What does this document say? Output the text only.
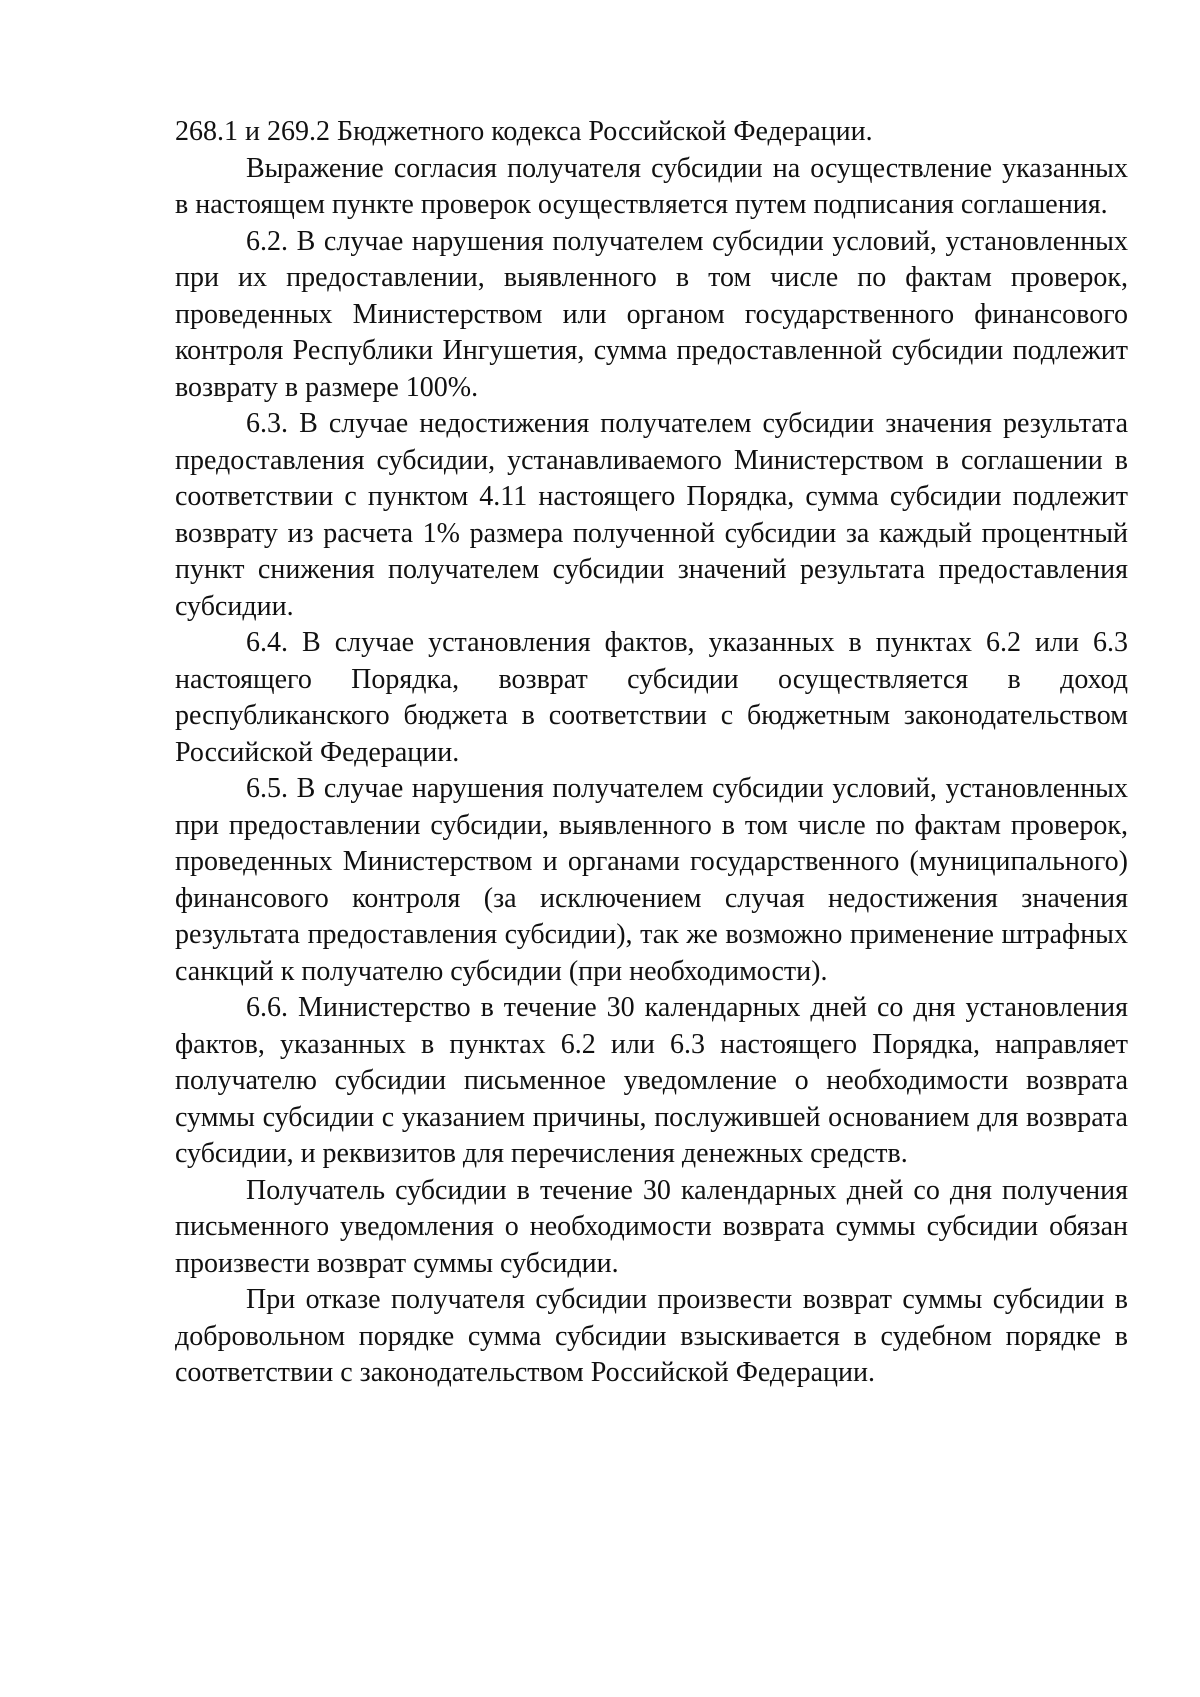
268.1 и 269.2 Бюджетного кодекса Российской Федерации.

Выражение согласия получателя субсидии на осуществление указанных в настоящем пункте проверок осуществляется путем подписания соглашения.

6.2. В случае нарушения получателем субсидии условий, установленных при их предоставлении, выявленного в том числе по фактам проверок, проведенных Министерством или органом государственного финансового контроля Республики Ингушетия, сумма предоставленной субсидии подлежит возврату в размере 100%.

6.3. В случае недостижения получателем субсидии значения результата предоставления субсидии, устанавливаемого Министерством в соглашении в соответствии с пунктом 4.11 настоящего Порядка, сумма субсидии подлежит возврату из расчета 1% размера полученной субсидии за каждый процентный пункт снижения получателем субсидии значений результата предоставления субсидии.

6.4. В случае установления фактов, указанных в пунктах 6.2 или 6.3 настоящего Порядка, возврат субсидии осуществляется в доход республиканского бюджета в соответствии с бюджетным законодательством Российской Федерации.

6.5. В случае нарушения получателем субсидии условий, установленных при предоставлении субсидии, выявленного в том числе по фактам проверок, проведенных Министерством и органами государственного (муниципального) финансового контроля (за исключением случая недостижения значения результата предоставления субсидии), так же возможно применение штрафных санкций к получателю субсидии (при необходимости).

6.6. Министерство в течение 30 календарных дней со дня установления фактов, указанных в пунктах 6.2 или 6.3 настоящего Порядка, направляет получателю субсидии письменное уведомление о необходимости возврата суммы субсидии с указанием причины, послужившей основанием для возврата субсидии, и реквизитов для перечисления денежных средств.

Получатель субсидии в течение 30 календарных дней со дня получения письменного уведомления о необходимости возврата суммы субсидии обязан произвести возврат суммы субсидии.

При отказе получателя субсидии произвести возврат суммы субсидии в добровольном порядке сумма субсидии взыскивается в судебном порядке в соответствии с законодательством Российской Федерации.
